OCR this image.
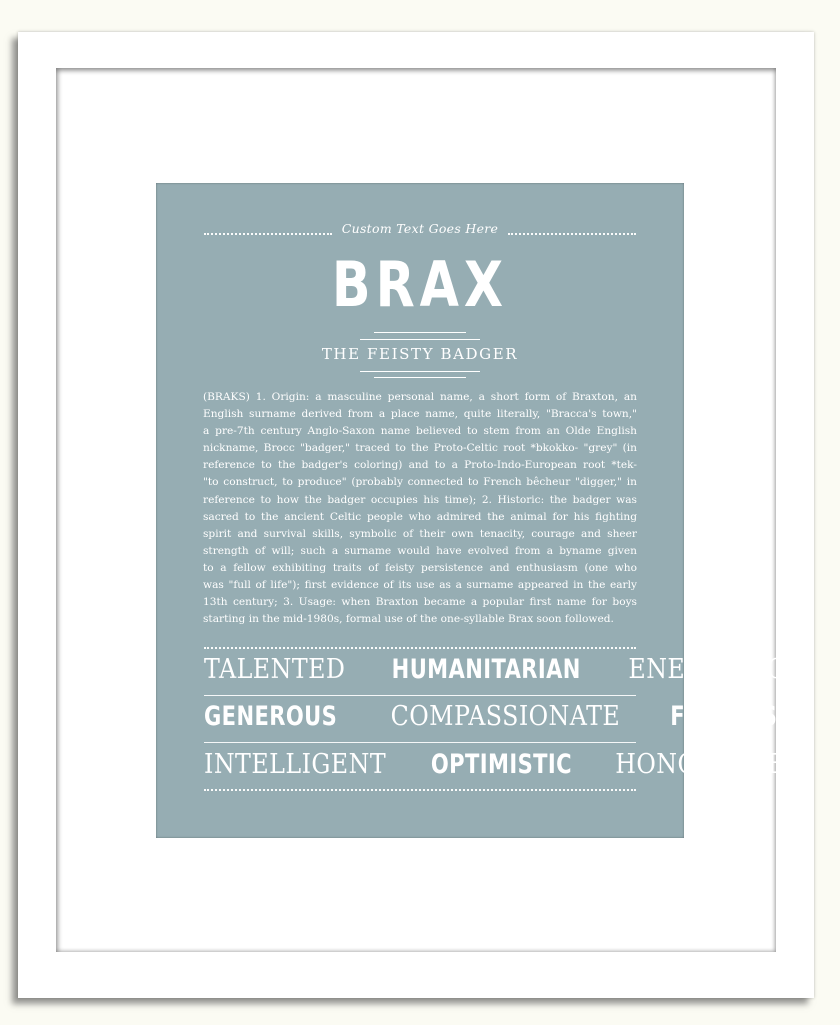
Custom Text Goes Here
BRAX
THE FEISTY BADGER
(BRAKS) 1. Origin: a masculine personal name, a short form of Braxton, an
English surname derived from a place name, quite literally, "Bracca's town,"
a pre-7th century Anglo-Saxon name believed to stem from an Olde English
nickname, Brocc "badger," traced to the Proto-Celtic root *bkokko- "grey" (in
reference to the badger's coloring) and to a Proto-Indo-European root *tek-
"to construct, to produce" (probably connected to French bêcheur "digger," in
reference to how the badger occupies his time); 2. Historic: the badger was
sacred to the ancient Celtic people who admired the animal for his fighting
spirit and survival skills, symbolic of their own tenacity, courage and sheer
strength of will; such a surname would have evolved from a byname given
to a fellow exhibiting traits of feisty persistence and enthusiasm (one who
was "full of life"); first evidence of its use as a surname appeared in the early
13th century; 3. Usage: when Braxton became a popular first name for boys
starting in the mid-1980s, formal use of the one-syllable Brax soon followed.
TALENTED HUMANITARIAN ENERGETIC
GENEROUS COMPASSIONATE FEARLESS
INTELLIGENT OPTIMISTIC HONORABLE
